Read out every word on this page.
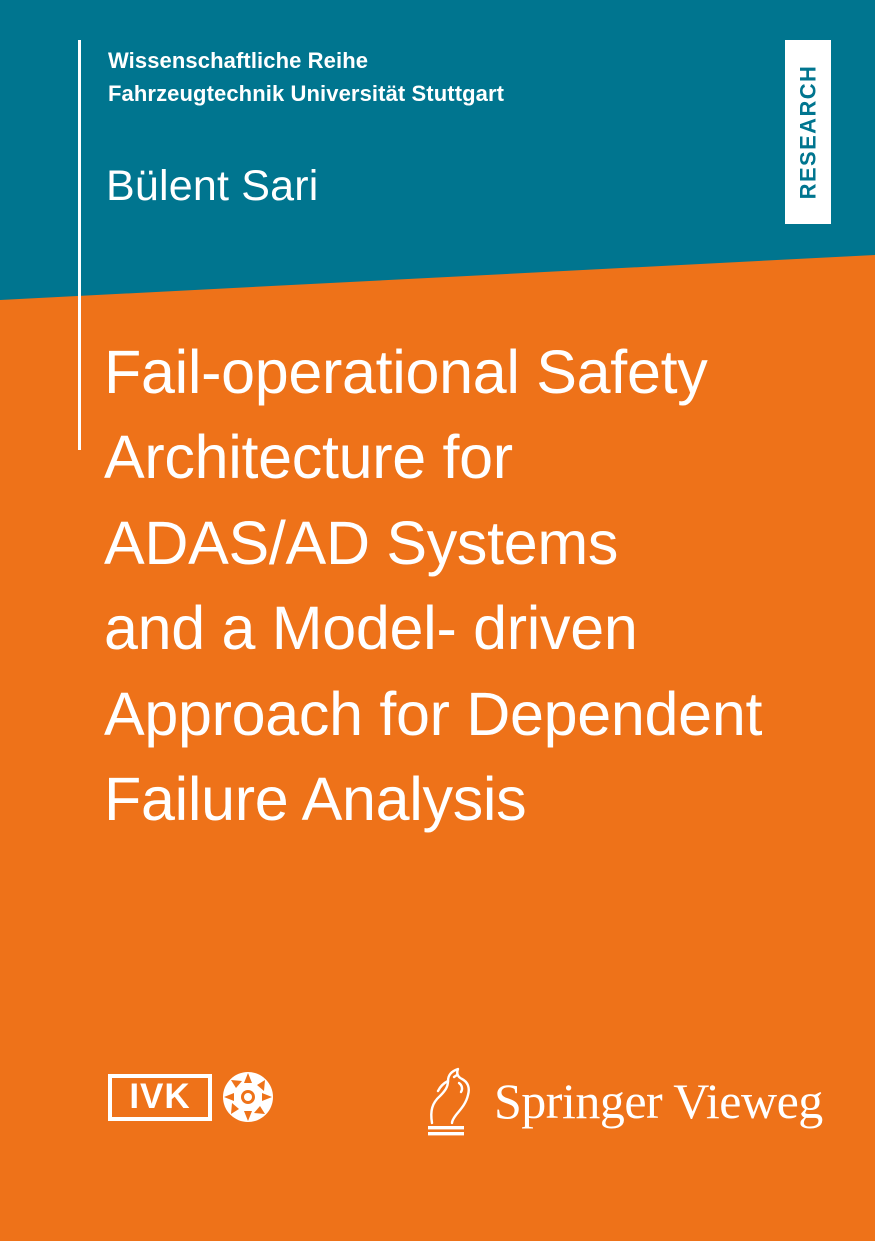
Wissenschaftliche Reihe
Fahrzeugtechnik Universität Stuttgart
Bülent Sari	RESEARCH
Fail-operational Safety
Architecture for
ADAS/AD Systems
and a Model- driven
Approach for Dependent
Failure Analysis
IVK	Springer Vieweg
